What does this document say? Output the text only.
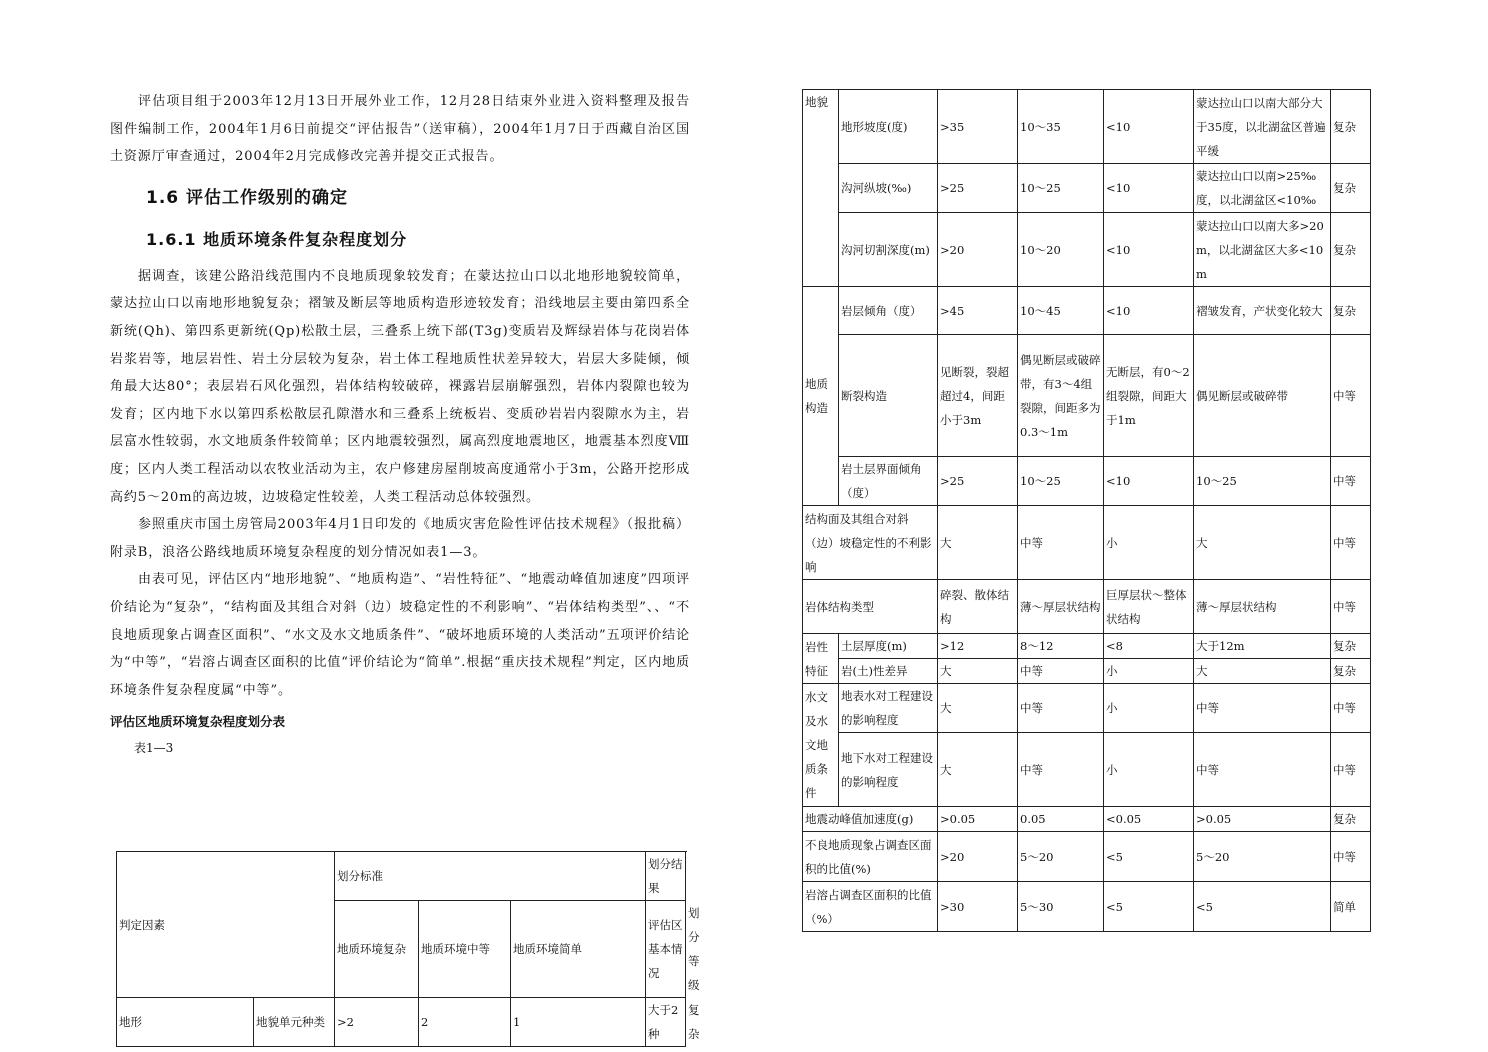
评估项目组于2003年12月13日开展外业工作，12月28日结束外业进入资料整理及报告图件编制工作，2004年1月6日前提交“评估报告”（送审稿），2004年1月7日于西藏自治区国土资源厅审查通过，2004年2月完成修改完善并提交正式报告。

1.6 评估工作级别的确定
1.6.1 地质环境条件复杂程度划分

据调查，该建公路沿线范围内不良地质现象较发育；在蒙达拉山口以北地形地貌较简单，蒙达拉山口以南地形地貌复杂；褶皱及断层等地质构造形迹较发育；沿线地层主要由第四系全新统(Qh)、第四系更新统(Qp)松散土层，三叠系上统下部(T3g)变质岩及辉绿岩体与花岗岩体岩浆岩等，地层岩性、岩土分层较为复杂，岩土体工程地质性状差异较大，岩层大多陡倾，倾角最大达80°；表层岩石风化强烈，岩体结构较破碎，裸露岩层崩解强烈，岩体内裂隙也较为发育；区内地下水以第四系松散层孔隙潜水和三叠系上统板岩、变质砂岩岩内裂隙水为主，岩层富水性较弱，水文地质条件较简单；区内地震较强烈，属高烈度地震地区，地震基本烈度Ⅷ度；区内人类工程活动以农牧业活动为主，农户修建房屋削坡高度通常小于3m，公路开挖形成高约5～20m的高边坡，边坡稳定性较差，人类工程活动总体较强烈。

参照重庆市国土房管局2003年4月1日印发的《地质灾害危险性评估技术规程》（报批稿）附录B，浪洛公路线地质环境复杂程度的划分情况如表1—3。

由表可见，评估区内“地形地貌”、“地质构造”、“岩性特征”、“地震动峰值加速度”四项评价结论为“复杂”，“结构面及其组合对斜（边）坡稳定性的不利影响”、“岩体结构类型”、、“不良地质现象占调查区面积”、“水文及水文地质条件”、“破坏地质环境的人类活动”五项评价结论为“中等”，“岩溶占调查区面积的比值“评价结论为“简单”.根据“重庆技术规程”判定，区内地质环境条件复杂程度属“中等”。

评估区地质环境复杂程度划分表
表1—3
判定因素		划分标准			划分结果	
		地质环境复杂	地质环境中等	地质环境简单	评估区基本情况	划分等级
地形	地貌单元种类	>2	2	1	大于2种	复杂
地貌	地形坡度(度)	>35	10～35	<10	蒙达拉山口以南大部分大于35度，以北湖盆区普遍平缓	复杂
	沟河纵坡(‰)	>25	10～25	<10	蒙达拉山口以南>25‰度，以北湖盆区<10‰	复杂
	沟河切割深度(m)	>20	10～20	<10	蒙达拉山口以南大多>20m，以北湖盆区大多<10m	复杂
地质构造	岩层倾角（度）	>45	10～45	<10	褶皱发育，产状变化较大	复杂
	断裂构造	见断裂，裂超超过4，间距小于3m	偶见断层或破碎带，有3～4组裂隙，间距多为0.3～1m	无断层，有0～2组裂隙，间距大于1m	偶见断层或破碎带	中等
	岩土层界面倾角（度）	>25	10～25	<10	10～25	中等
结构面及其组合对斜（边）坡稳定性的不利影响		大	中等	小	大	中等
岩体结构类型		碎裂、散体结构	薄～厚层状结构	巨厚层状～整体状结构	薄～厚层状结构	中等
岩性特征	土层厚度(m)	>12	8～12	<8	大于12m	复杂
	岩(土)性差异	大	中等	小	大	复杂
水文及水文地质条件	地表水对工程建设的影响程度	大	中等	小	中等	中等
	地下水对工程建设的影响程度	大	中等	小	中等	中等
地震动峰值加速度(g)		>0.05	0.05	<0.05	>0.05	复杂
不良地质现象占调查区面积的比值(%)		>20	5～20	<5	5～20	中等
岩溶占调查区面积的比值（%）		>30	5～30	<5	<5	简单
